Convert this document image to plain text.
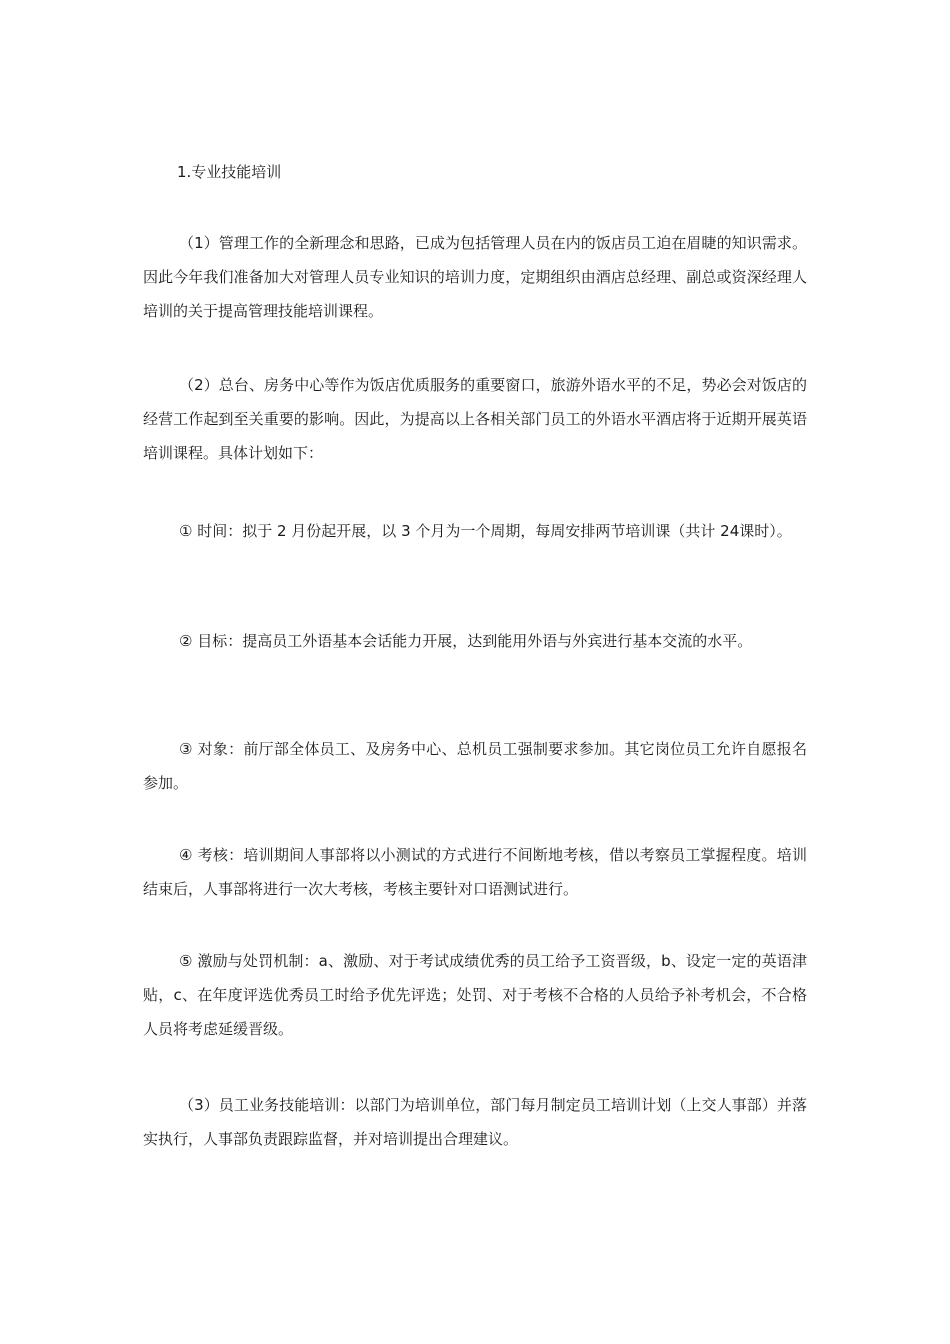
1.专业技能培训

（1）管理工作的全新理念和思路，已成为包括管理人员在内的饭店员工迫在眉睫的知识需求。因此今年我们准备加大对管理人员专业知识的培训力度，定期组织由酒店总经理、副总或资深经理人培训的关于提高管理技能培训课程。

（2）总台、房务中心等作为饭店优质服务的重要窗口，旅游外语水平的不足，势必会对饭店的经营工作起到至关重要的影响。因此，为提高以上各相关部门员工的外语水平酒店将于近期开展英语培训课程。具体计划如下：

① 时间：拟于 2 月份起开展，以 3 个月为一个周期，每周安排两节培训课（共计 24课时）。

② 目标：提高员工外语基本会话能力开展，达到能用外语与外宾进行基本交流的水平。

③ 对象：前厅部全体员工、及房务中心、总机员工强制要求参加。其它岗位员工允许自愿报名参加。

④ 考核：培训期间人事部将以小测试的方式进行不间断地考核，借以考察员工掌握程度。培训结束后，人事部将进行一次大考核，考核主要针对口语测试进行。

⑤ 激励与处罚机制：a、激励、对于考试成绩优秀的员工给予工资晋级，b、设定一定的英语津贴，c、在年度评选优秀员工时给予优先评选；处罚、对于考核不合格的人员给予补考机会，不合格人员将考虑延缓晋级。

（3）员工业务技能培训：以部门为培训单位，部门每月制定员工培训计划（上交人事部）并落实执行，人事部负责跟踪监督，并对培训提出合理建议。
